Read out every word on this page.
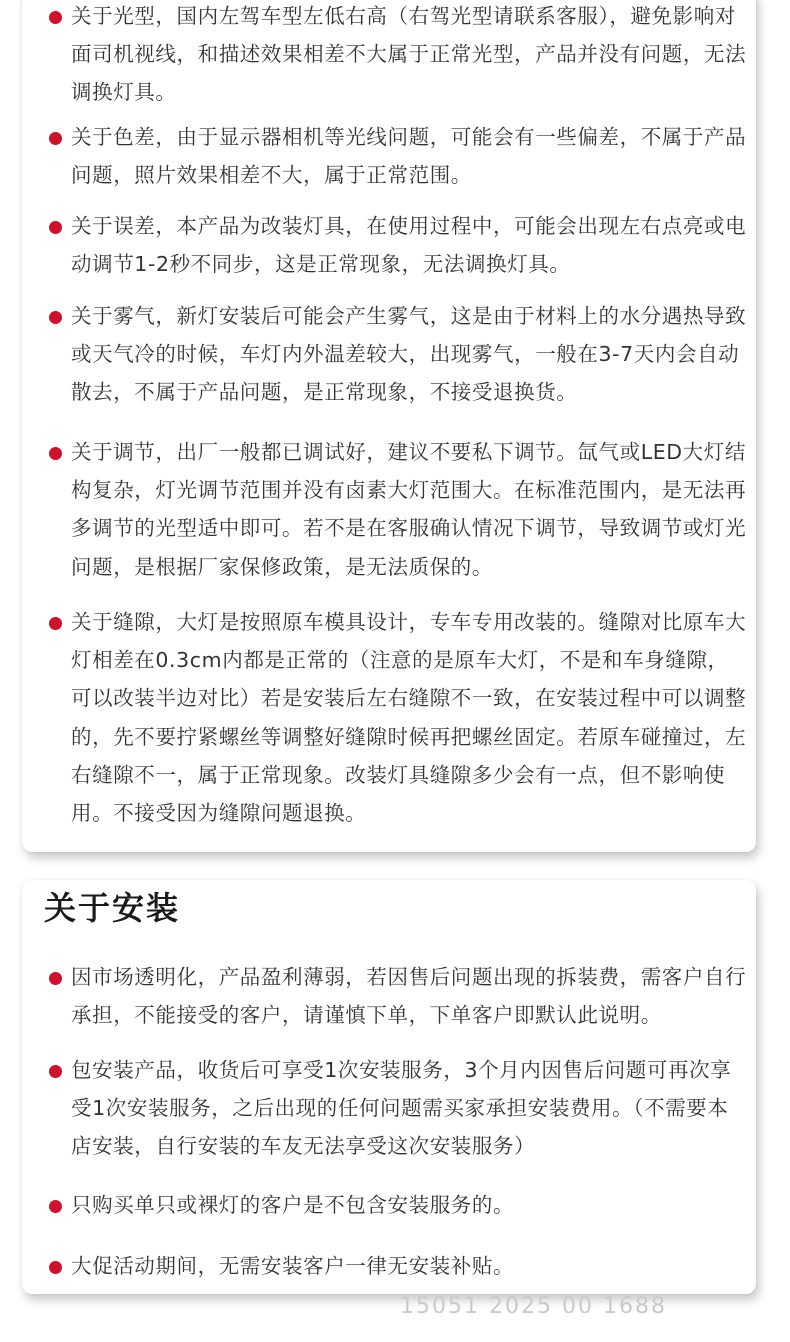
关于光型，国内左驾车型左低右高（右驾光型请联系客服），避免影响对面司机视线，和描述效果相差不大属于正常光型，产品并没有问题，无法调换灯具。
关于色差，由于显示器相机等光线问题，可能会有一些偏差，不属于产品问题，照片效果相差不大，属于正常范围。
关于误差，本产品为改装灯具，在使用过程中，可能会出现左右点亮或电动调节1-2秒不同步，这是正常现象，无法调换灯具。
关于雾气，新灯安装后可能会产生雾气，这是由于材料上的水分遇热导致或天气冷的时候，车灯内外温差较大，出现雾气，一般在3-7天内会自动散去，不属于产品问题，是正常现象，不接受退换货。
关于调节，出厂一般都已调试好，建议不要私下调节。氙气或LED大灯结构复杂，灯光调节范围并没有卤素大灯范围大。在标准范围内，是无法再多调节的光型适中即可。若不是在客服确认情况下调节，导致调节或灯光问题，是根据厂家保修政策，是无法质保的。
关于缝隙，大灯是按照原车模具设计，专车专用改装的。缝隙对比原车大灯相差在0.3cm内都是正常的（注意的是原车大灯，不是和车身缝隙，可以改装半边对比）若是安装后左右缝隙不一致，在安装过程中可以调整的，先不要拧紧螺丝等调整好缝隙时候再把螺丝固定。若原车碰撞过，左右缝隙不一，属于正常现象。改装灯具缝隙多少会有一点，但不影响使用。不接受因为缝隙问题退换。
关于安装
因市场透明化，产品盈利薄弱，若因售后问题出现的拆装费，需客户自行承担，不能接受的客户，请谨慎下单，下单客户即默认此说明。
包安装产品，收货后可享受1次安装服务，3个月内因售后问题可再次享受1次安装服务，之后出现的任何问题需买家承担安装费用。（不需要本店安装，自行安装的车友无法享受这次安装服务）
只购买单只或裸灯的客户是不包含安装服务的。
大促活动期间，无需安装客户一律无安装补贴。
15051 2025 00 1688
